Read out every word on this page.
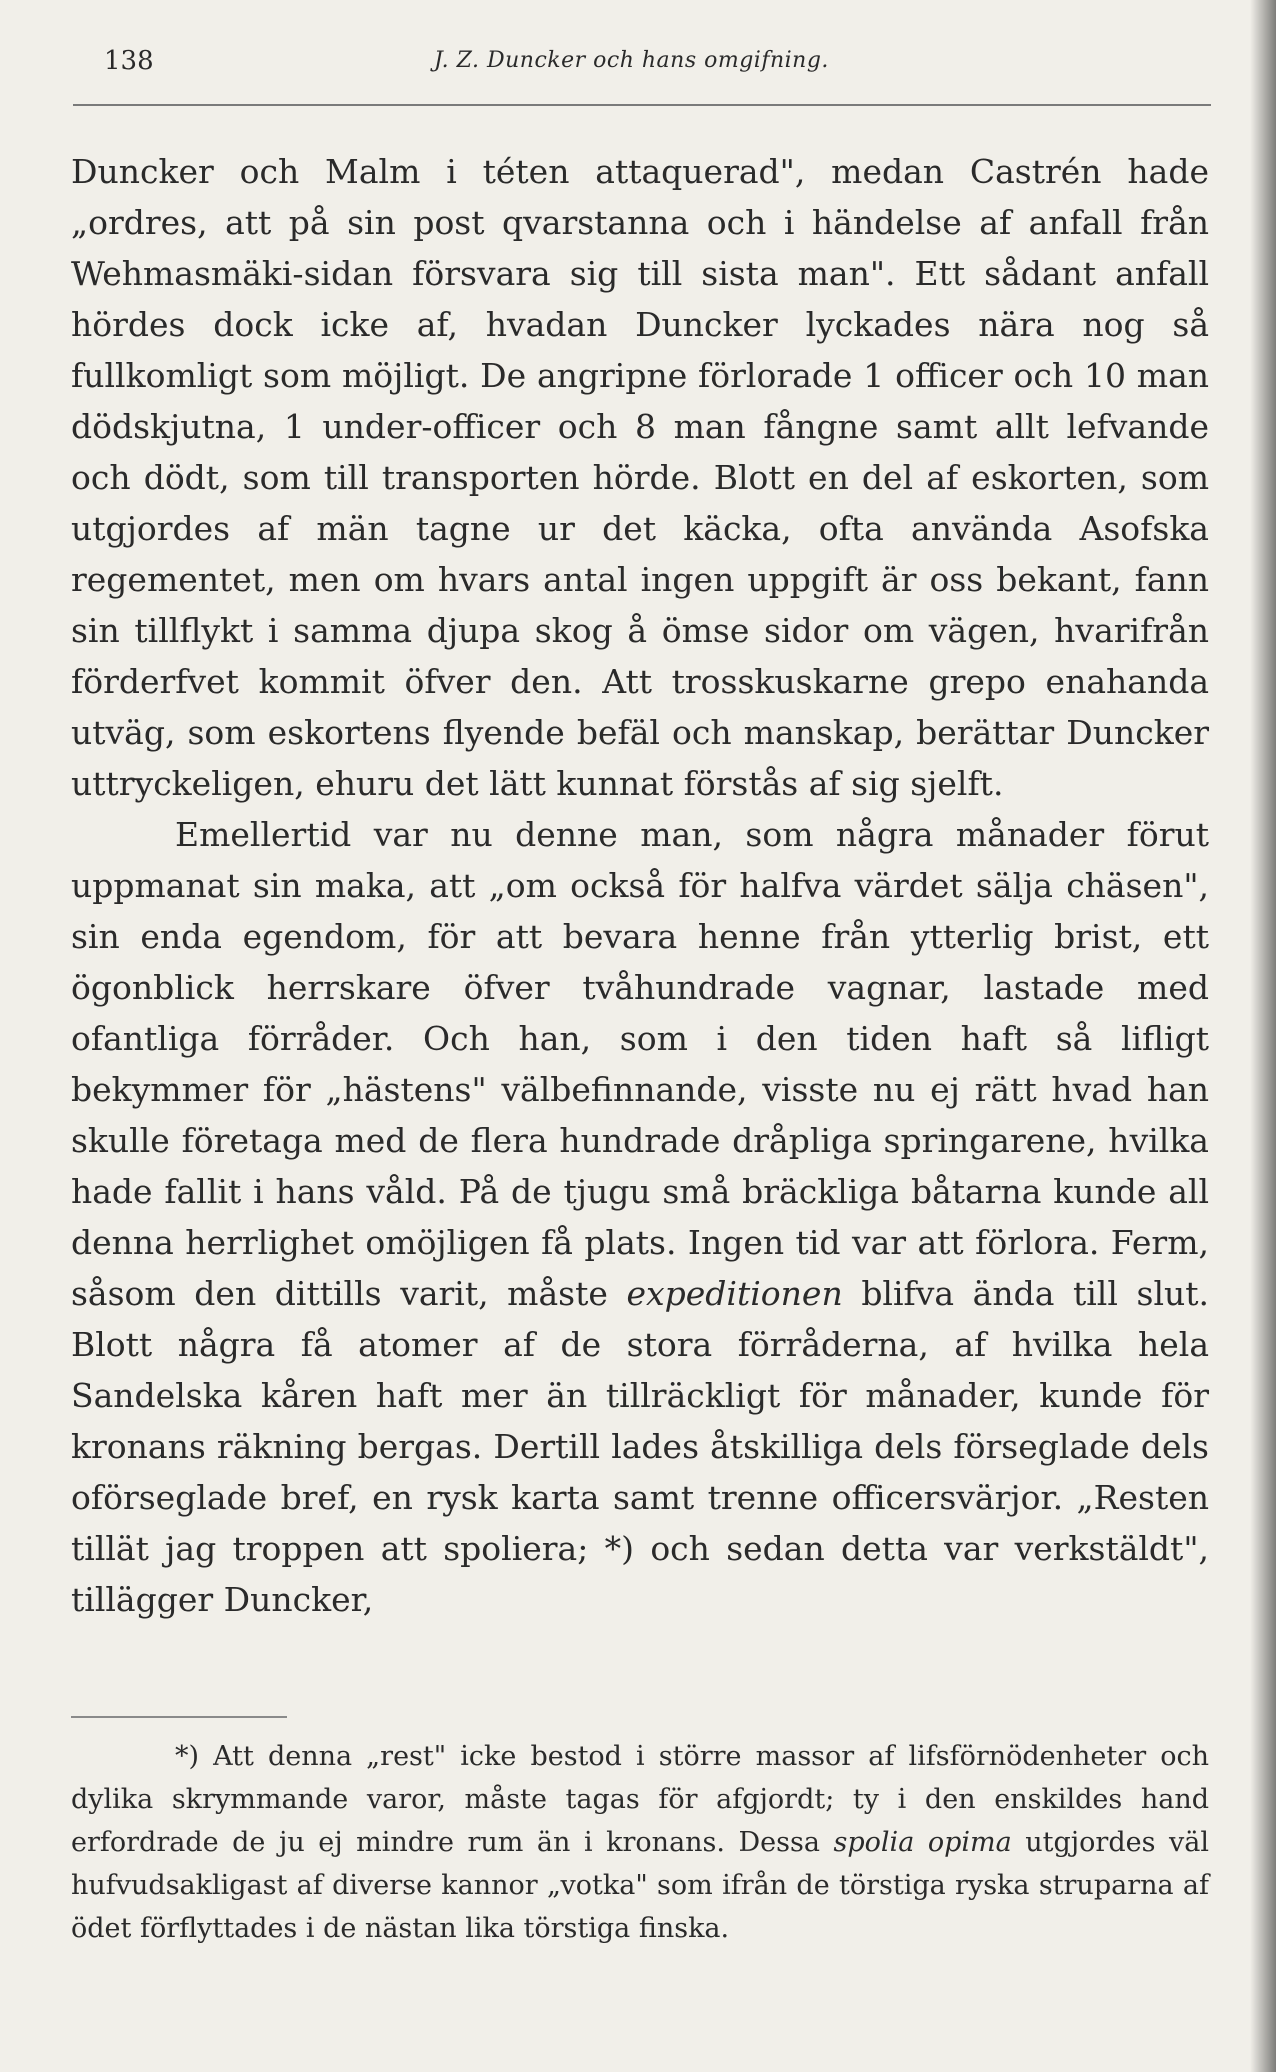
138	J. Z. Duncker och hans omgifning.

Duncker och Malm i téten attaquerad", medan Castrén hade „ordres, att på sin post qvarstanna och i händelse af anfall från Wehmasmäki-sidan försvara sig till sista man". Ett sådant anfall hördes dock icke af, hvadan Duncker lyckades nära nog så fullkomligt som möjligt. De angripne förlorade 1 officer och 10 man dödskjutna, 1 under-officer och 8 man fångne samt allt lefvande och dödt, som till transporten hörde. Blott en del af eskorten, som utgjordes af män tagne ur det käcka, ofta använda Asofska regementet, men om hvars antal ingen uppgift är oss bekant, fann sin tillflykt i samma djupa skog å ömse sidor om vägen, hvarifrån förderfvet kommit öfver den. Att trosskuskarne grepo enahanda utväg, som eskortens flyende befäl och manskap, berättar Duncker uttryckeligen, ehuru det lätt kunnat förstås af sig sjelft.

Emellertid var nu denne man, som några månader förut uppmanat sin maka, att „om också för halfva värdet sälja chäsen", sin enda egendom, för att bevara henne från ytterlig brist, ett ögonblick herrskare öfver tvåhundrade vagnar, lastade med ofantliga förråder. Och han, som i den tiden haft så lifligt bekymmer för „hästens" välbefinnande, visste nu ej rätt hvad han skulle företaga med de flera hundrade dråpliga springarene, hvilka hade fallit i hans våld. På de tjugu små bräckliga båtarna kunde all denna herrlighet omöjligen få plats. Ingen tid var att förlora. Ferm, såsom den dittills varit, måste expeditionen blifva ända till slut. Blott några få atomer af de stora förråderna, af hvilka hela Sandelska kåren haft mer än tillräckligt för månader, kunde för kronans räkning bergas. Dertill lades åtskilliga dels förseglade dels oförseglade bref, en rysk karta samt trenne officersvärjor. „Resten tillät jag troppen att spoliera; *) och sedan detta var verkstäldt", tillägger Duncker,

*) Att denna „rest" icke bestod i större massor af lifsförnödenheter och dylika skrymmande varor, måste tagas för afgjordt; ty i den enskildes hand erfordrade de ju ej mindre rum än i kronans. Dessa spolia opima utgjordes väl hufvudsakligast af diverse kannor „votka" som ifrån de törstiga ryska struparna af ödet förflyttades i de nästan lika törstiga finska.
